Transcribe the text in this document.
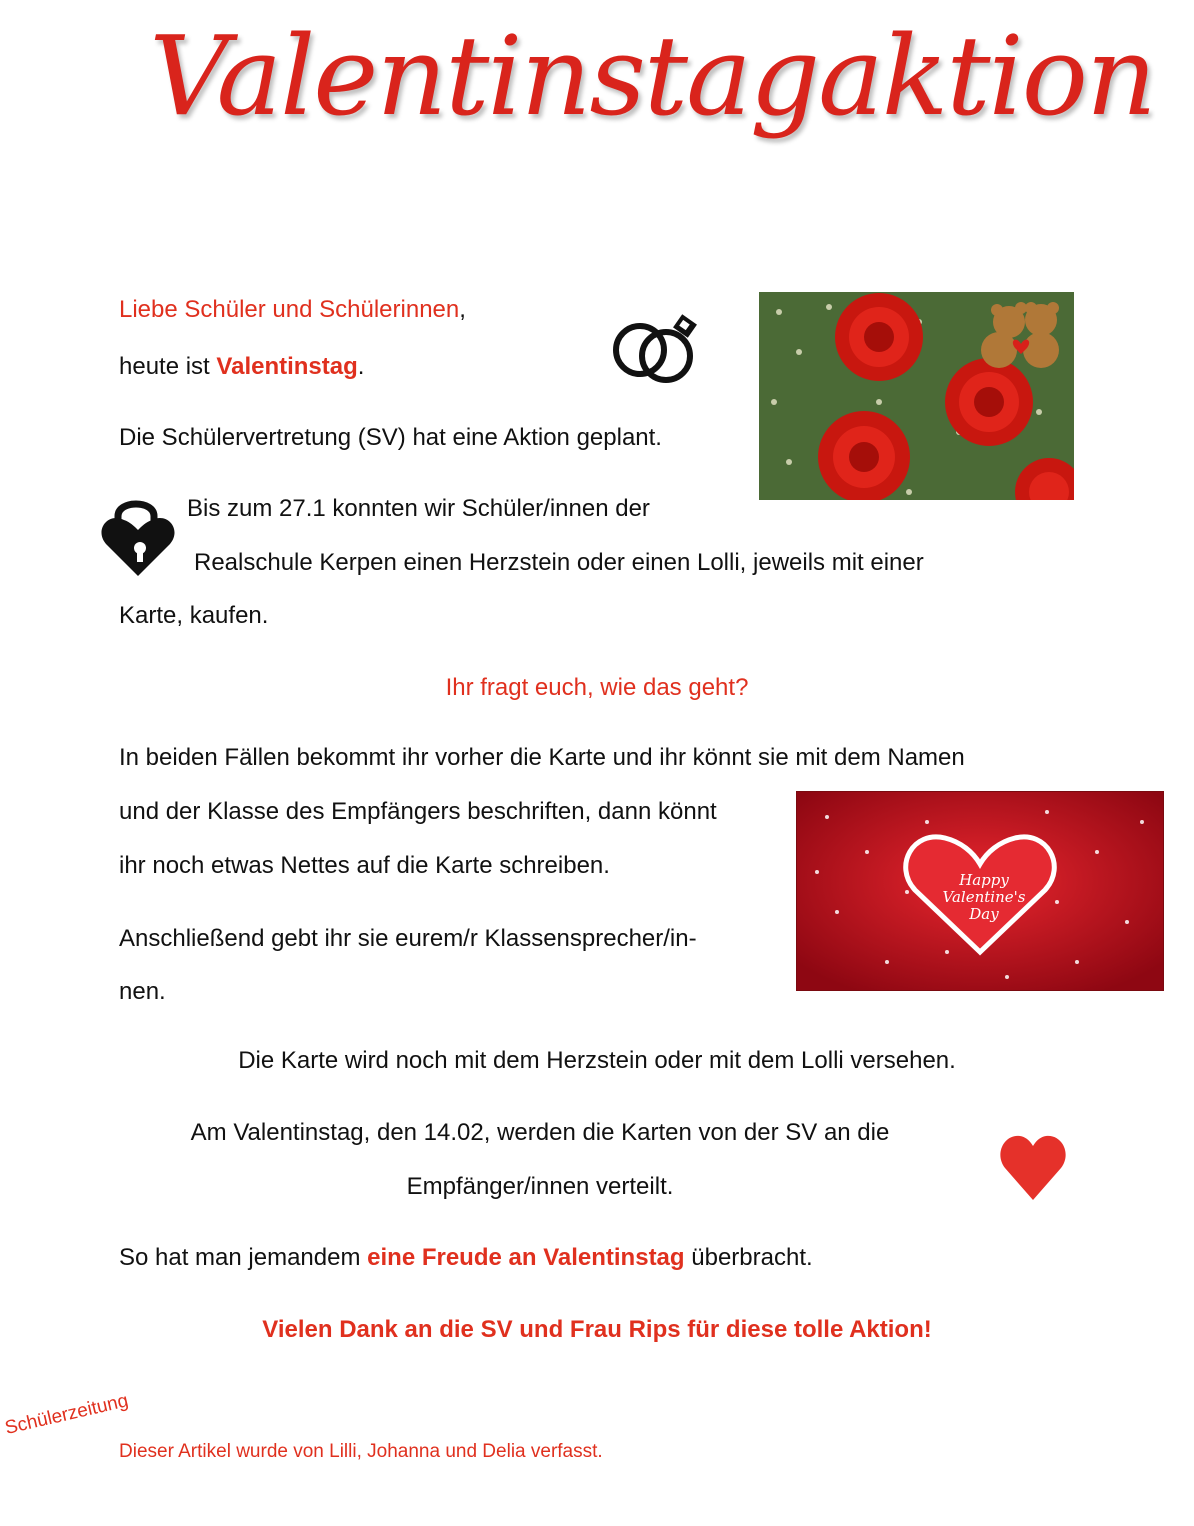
Valentinstagaktion
Liebe Schüler und Schülerinnen,
heute ist Valentinstag.
Die Schülervertretung (SV) hat eine Aktion geplant.
Bis zum 27.1 konnten wir Schüler/innen der
Realschule Kerpen einen Herzstein oder einen Lolli, jeweils mit einer
Karte, kaufen.
Ihr fragt euch, wie das geht?
In beiden Fällen bekommt ihr vorher die Karte und ihr könnt sie mit dem Namen
und der Klasse des Empfängers beschriften, dann könnt
ihr noch etwas Nettes auf die Karte schreiben.
Happy
Valentine's
Day
Anschließend gebt ihr sie eurem/r Klassensprecher/in-
nen.
Die Karte wird noch mit dem Herzstein oder mit dem Lolli versehen.
Am Valentinstag, den 14.02, werden die Karten von der SV an die
Empfänger/innen verteilt.
So hat man jemandem eine Freude an Valentinstag überbracht.
Vielen Dank an die SV und Frau Rips für diese tolle Aktion!
Schülerzeitung
Dieser Artikel wurde von Lilli, Johanna und Delia verfasst.
